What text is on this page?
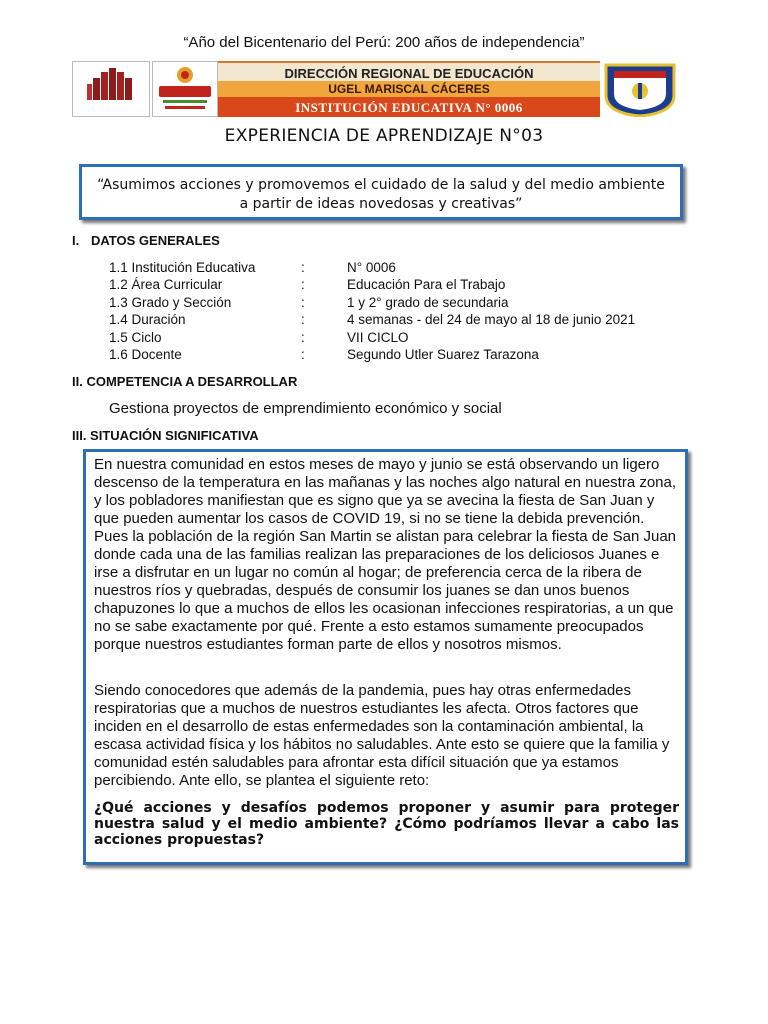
“Año del Bicentenario del Perú: 200 años de independencia”
DIRECCIÓN REGIONAL DE EDUCACIÓN
UGEL MARISCAL CÁCERES
INSTITUCIÓN EDUCATIVA N° 0006
EXPERIENCIA DE APRENDIZAJE N°03
“Asumimos acciones y promovemos el cuidado de la salud y del medio ambiente a partir de ideas novedosas y creativas”
I. DATOS GENERALES
1.1 Institución Educativa	:	N° 0006
1.2 Área Curricular	:	Educación Para el Trabajo
1.3 Grado y Sección	:	1 y 2° grado de secundaria
1.4 Duración	:	4 semanas - del 24 de mayo al 18 de junio 2021
1.5 Ciclo	:	VII CICLO
1.6 Docente	:	Segundo Utler Suarez Tarazona
II. COMPETENCIA A DESARROLLAR
Gestiona proyectos de emprendimiento económico y social
III. SITUACIÓN SIGNIFICATIVA
En nuestra comunidad en estos meses de mayo y junio se está observando un ligero descenso de la temperatura en las mañanas y las noches algo natural en nuestra zona, y los pobladores manifiestan que es signo que ya se avecina la fiesta de San Juan y que pueden aumentar los casos de COVID 19, si no se tiene la debida prevención. Pues la población de la región San Martin se alistan para celebrar la fiesta de San Juan donde cada una de las familias realizan las preparaciones de los deliciosos Juanes e irse a disfrutar en un lugar no común al hogar; de preferencia cerca de la ribera de nuestros ríos y quebradas, después de consumir los juanes se dan unos buenos chapuzones lo que a muchos de ellos les ocasionan infecciones respiratorias, a un que no se sabe exactamente por qué. Frente a esto estamos sumamente preocupados porque nuestros estudiantes forman parte de ellos y nosotros mismos.
Siendo conocedores que además de la pandemia, pues hay otras enfermedades respiratorias que a muchos de nuestros estudiantes les afecta. Otros factores que inciden en el desarrollo de estas enfermedades son la contaminación ambiental, la escasa actividad física y los hábitos no saludables. Ante esto se quiere que la familia y comunidad estén saludables para afrontar esta difícil situación que ya estamos percibiendo. Ante ello, se plantea el siguiente reto:
¿Qué acciones y desafíos podemos proponer y asumir para proteger nuestra salud y el medio ambiente? ¿Cómo podríamos llevar a cabo las acciones propuestas?
